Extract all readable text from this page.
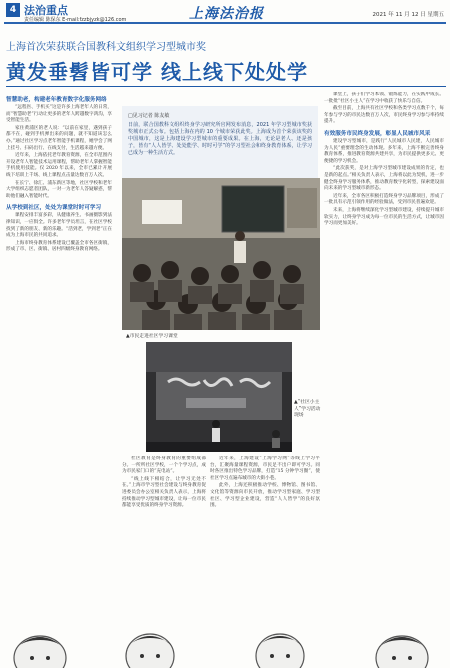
4 法治重点
责任编辑 陈保东 E-mail:fzzbjyzk@126.com	上海法治报	2021 年 11 月 12 日 星期五
上海首次荣获联合国教科文组织学习型城市奖
黄发垂髫皆可学 线上线下处处学
智慧助老，构建老年教育数字化服务网络

“远程医、手机买”这是许多上海老年人的日常，而“智慧助老”行动让更多的老年人跨越数字鸿沟，享受智能生活。

家住黄浦区的老人说：“以前在家里，遇到孩子都不在，碰到手机弹出来的问题，就不知道该怎么办。”通过社区学习点老年智能手机课程，她学会了网上挂号、扫码出行、在线支付，生活越来越方便。

近年来，上海依托老年教育资源，在全市范围内开设老年人智能技术运用课程，帮助老年人掌握智能手机使用技能。仅 2020 年以来，全市已累计开展线下培训上千场、线上课程点击量达数百万人次。

在长宁、徐汇、浦东新区等地，社区学校和老年大学组织志愿者团队，一对一为老年人答疑解惑，帮助他们融入智能时代。

从学校到社区，处处为课堂时时可学习

课程安排丰富多彩，从健康养生、书画摄影到法律知识，一应俱全。许多老年学员坦言，在社区学校找到了新的朋友、新的乐趣。“活到老，学到老”正在成为上海市民的共同追求。

上海市终身教育体系建设已覆盖全市各区街镇，形成了市、区、街镇、居村四级终身教育网络。

□见习记者 陈友敏

日前，联合国教科文组织终身学习研究所官网发布消息，2021 年学习型城市奖获奖城市正式公布。包括上海在内的 10 个城市荣获此奖。上海成为首个荣获该奖的中国城市，这是上海建设学习型城市的重要成果。在上海，无论是老人、还是孩子，皆有“人人皆学、处处能学、时时可学”的学习型社会和终身教育体系，让学习已成为一种生活方式。

▲市民走进社区学习课堂
▲“社区小主人”学习活动现场

社区教育是终身教育的重要组成部分。一所所社区学校，一个个学习点，成为市民家门口的“充电站”。

“线上线下相结合，让学习无处不在。”上海市学习型社会建设与终身教育促进委员会办公室相关负责人表示，上海将持续推动学习型城市建设，让每一位市民都能享受优质的终身学习资源。

近年来，上海建设“上海学习网”等线上学习平台，汇聚海量课程资源，市民足不出户即可学习。同时各区推出特色学习品牌，打造“15 分钟学习圈”，使社区学习点遍布城市的大街小巷。

此外，上海还积极推动学校、博物馆、图书馆、文化馆等资源向市民开放，推动学习型家庭、学习型社区、学习型企业建设，营造“人人皆学”的良好氛围。

课堂上，孩子们学习本领、锻炼能力，在实践中成长。一批批“社区小主人”在学习中收获了快乐与自信。

截至目前，上海共有社区学校和各类学习点数千个，每年参与学习的市民达数百万人次，市民终身学习参与率持续提升。

有效服务市民终身发展，彰显人民城市风采

建设学习型城市，是践行“人民城市人民建，人民城市为人民”重要理念的生动体现。多年来，上海不断完善终身教育体系，推进教育资源共建共享，为市民提供更多元、更便捷的学习机会。

“此次获奖，是对上海学习型城市建设成果的肯定，也是新的起点。”相关负责人表示，上海将以此为契机，进一步健全终身学习服务体系，推动教育数字化转型，探索建设面向未来的学习型城市新形态。

近年来，全市各区积极打造终身学习品牌项目，形成了一批具有示范引领作用的经验做法，受到市民普遍欢迎。

未来，上海将继续深化学习型城市建设，持续提升城市软实力，让终身学习成为每一位市民的生活方式，让城市因学习而更加美好。
